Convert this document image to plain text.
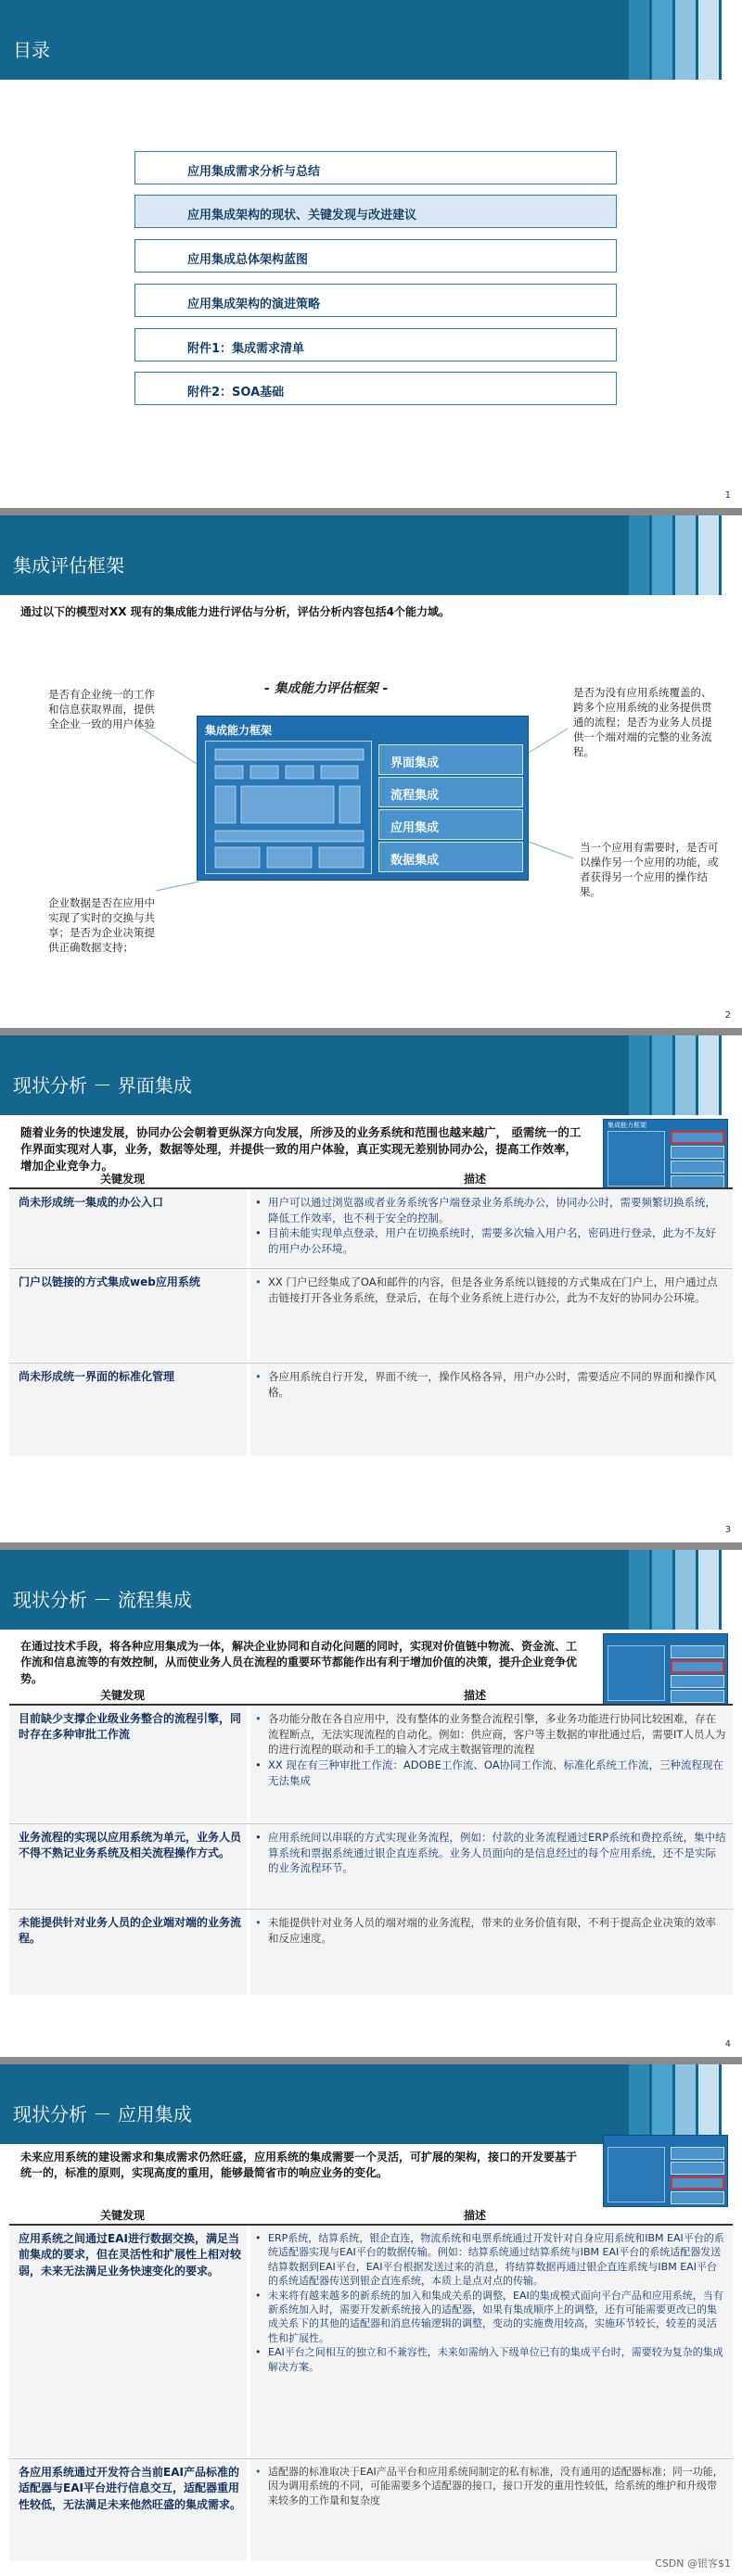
目录
应用集成需求分析与总结
应用集成架构的现状、关键发现与改进建议
应用集成总体架构蓝图
应用集成架构的演进策略
附件1：集成需求清单
附件2：SOA基础
1
集成评估框架
通过以下的模型对XX 现有的集成能力进行评估与分析，评估分析内容包括4个能力域。
是否有企业统一的工作和信息获取界面，提供全企业一致的用户体验
是否为没有应用系统覆盖的、跨多个应用系统的业务提供贯通的流程；是否为业务人员提供一个端对端的完整的业务流程。
当一个应用有需要时，是否可以操作另一个应用的功能，或者获得另一个应用的操作结果。
企业数据是否在应用中实现了实时的交换与共享；是否为企业决策提供正确数据支持；
- 集成能力评估框架 -
集成能力框架
界面集成
流程集成
应用集成
数据集成
2
现状分析 － 界面集成
随着业务的快速发展，协同办公会朝着更纵深方向发展，所涉及的业务系统和范围也越来越广， 亟需统一的工作界面实现对人事，业务，数据等处理，并提供一致的用户体验，真正实现无差别协同办公，提高工作效率，增加企业竞争力。
集成能力框架
关键发现	描述
尚未形成统一集成的办公入口	• 用户可以通过浏览器或者业务系统客户端登录业务系统办公，协同办公时，需要频繁切换系统，降低工作效率，也不利于安全的控制。
• 目前未能实现单点登录，用户在切换系统时，需要多次输入用户名，密码进行登录，此为不友好的用户办公环境。
门户以链接的方式集成web应用系统	• XX 门户已经集成了OA和邮件的内容，但是各业务系统以链接的方式集成在门户上，用户通过点击链接打开各业务系统，登录后，在每个业务系统上进行办公，此为不友好的协同办公环境。
尚未形成统一界面的标准化管理	• 各应用系统自行开发，界面不统一，操作风格各异，用户办公时，需要适应不同的界面和操作风格。
3
现状分析 － 流程集成
在通过技术手段，将各种应用集成为一体，解决企业协同和自动化问题的同时，实现对价值链中物流、资金流、工作流和信息流等的有效控制，从而使业务人员在流程的重要环节都能作出有利于增加价值的决策，提升企业竞争优势。
关键发现	描述
目前缺少支撑企业级业务整合的流程引擎，同时存在多种审批工作流
• 各功能分散在各自应用中，没有整体的业务整合流程引擎，多业务功能进行协同比较困难，存在流程断点，无法实现流程的自动化。例如：供应商，客户等主数据的审批通过后，需要IT人员人为的进行流程的联动和手工的输入才完成主数据管理的流程
• XX 现在有三种审批工作流：ADOBE工作流、OA协同工作流、标准化系统工作流，三种流程现在无法集成
业务流程的实现以应用系统为单元，业务人员不得不熟记业务系统及相关流程操作方式。
• 应用系统间以串联的方式实现业务流程，例如：付款的业务流程通过ERP系统和费控系统，集中结算系统和票据系统通过银企直连系统。业务人员面向的是信息经过的每个应用系统，还不是实际的业务流程环节。
未能提供针对业务人员的企业端对端的业务流程。
• 未能提供针对业务人员的端对端的业务流程，带来的业务价值有限，不利于提高企业决策的效率和反应速度。
4
现状分析 － 应用集成
未来应用系统的建设需求和集成需求仍然旺盛，应用系统的集成需要一个灵活，可扩展的架构，接口的开发要基于统一的，标准的原则，实现高度的重用，能够最简省市的响应业务的变化。
关键发现	描述
应用系统之间通过EAI进行数据交换，满足当前集成的要求，但在灵活性和扩展性上相对较弱，未来无法满足业务快速变化的要求。
• ERP系统，结算系统，银企直连，物流系统和电票系统通过开发针对自身应用系统和IBM EAI平台的系统适配器实现与EAI平台的数据传输。例如：结算系统通过结算系统与IBM EAI平台的系统适配器发送结算数据到EAI平台，EAI平台根据发送过来的消息，将结算数据再通过银企直连系统与IBM EAI平台的系统适配器传送到银企直连系统，本质上是点对点的传输。
• 未来将有越来越多的新系统的加入和集成关系的调整，EAI的集成模式面向平台产品和应用系统，当有新系统加入时，需要开发新系统接入的适配器，如果有集成顺序上的调整，还有可能需要更改已的集成关系下的其他的适配器和消息传输逻辑的调整，变动的实施费用较高，实施环节较长，较差的灵活性和扩展性。
• EAI平台之间相互的独立和不兼容性，未来如需纳入下级单位已有的集成平台时，需要较为复杂的集成解决方案。
各应用系统通过开发符合当前EAI产品标准的适配器与EAI平台进行信息交互，适配器重用性较低，无法满足未来他然旺盛的集成需求。
• 适配器的标准取决于EAI产品平台和应用系统间制定的私有标准，没有通用的适配器标准；同一功能，因为调用系统的不同，可能需要多个适配器的接口，接口开发的重用性较低，给系统的维护和升级带来较多的工作量和复杂度
CSDN @银客$1
